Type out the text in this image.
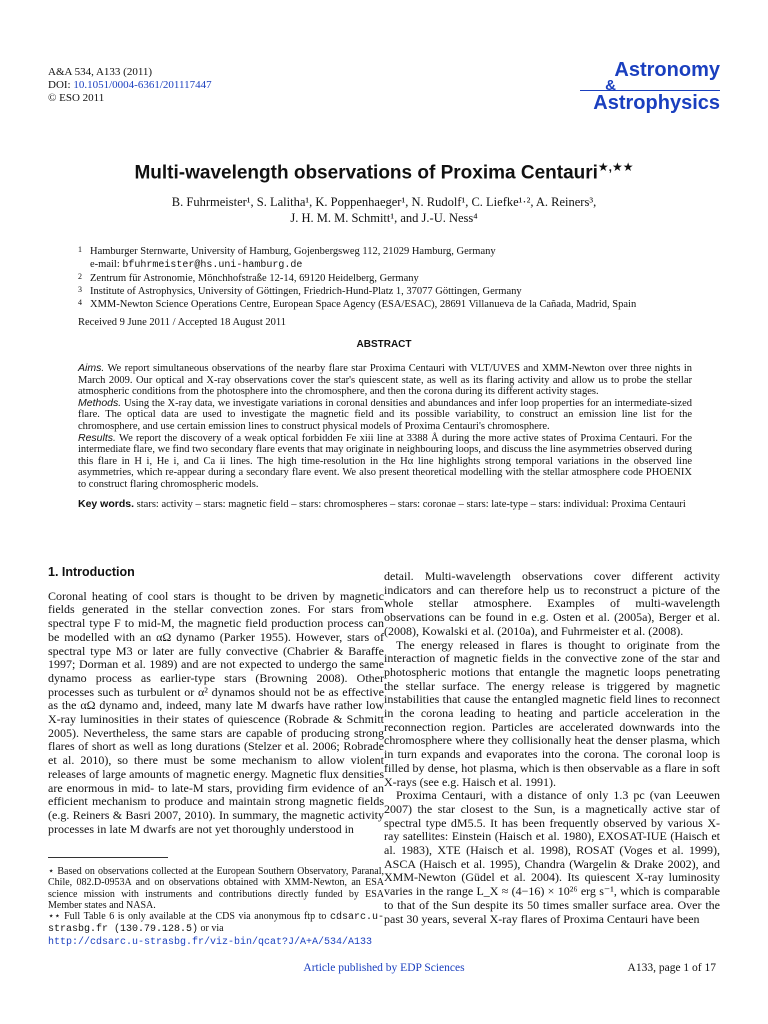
A&A 534, A133 (2011)
DOI: 10.1051/0004-6361/201117447
© ESO 2011
Astronomy
&
Astrophysics
Multi-wavelength observations of Proxima Centauri★,★★
B. Fuhrmeister¹, S. Lalitha¹, K. Poppenhaeger¹, N. Rudolf¹, C. Liefke¹·², A. Reiners³,
J. H. M. M. Schmitt¹, and J.-U. Ness⁴
1 Hamburger Sternwarte, University of Hamburg, Gojenbergsweg 112, 21029 Hamburg, Germany
e-mail: bfuhrmeister@hs.uni-hamburg.de
2 Zentrum für Astronomie, Mönchhofstraße 12-14, 69120 Heidelberg, Germany
3 Institute of Astrophysics, University of Göttingen, Friedrich-Hund-Platz 1, 37077 Göttingen, Germany
4 XMM-Newton Science Operations Centre, European Space Agency (ESA/ESAC), 28691 Villanueva de la Cañada, Madrid, Spain
Received 9 June 2011 / Accepted 18 August 2011
ABSTRACT

Aims. We report simultaneous observations of the nearby flare star Proxima Centauri with VLT/UVES and XMM-Newton over three nights in March 2009. Our optical and X-ray observations cover the star's quiescent state, as well as its flaring activity and allow us to probe the stellar atmospheric conditions from the photosphere into the chromosphere, and then the corona during its different activity stages.

Methods. Using the X-ray data, we investigate variations in coronal densities and abundances and infer loop properties for an intermediate-sized flare. The optical data are used to investigate the magnetic field and its possible variability, to construct an emission line list for the chromosphere, and use certain emission lines to construct physical models of Proxima Centauri's chromosphere.

Results. We report the discovery of a weak optical forbidden Fe xiii line at 3388 Å during the more active states of Proxima Centauri. For the intermediate flare, we find two secondary flare events that may originate in neighbouring loops, and discuss the line asymmetries observed during this flare in H i, He i, and Ca ii lines. The high time-resolution in the Hα line highlights strong temporal variations in the observed line asymmetries, which re-appear during a secondary flare event. We also present theoretical modelling with the stellar atmosphere code PHOENIX to construct flaring chromospheric models.

Key words. stars: activity – stars: magnetic field – stars: chromospheres – stars: coronae – stars: late-type – stars: individual: Proxima Centauri

1. Introduction

Coronal heating of cool stars is thought to be driven by magnetic fields generated in the stellar convection zones. For stars from spectral type F to mid-M, the magnetic field production process can be modelled with an αΩ dynamo (Parker 1955). However, stars of spectral type M3 or later are fully convective (Chabrier & Baraffe 1997; Dorman et al. 1989) and are not expected to undergo the same dynamo process as earlier-type stars (Browning 2008). Other processes such as turbulent or α² dynamos should not be as effective as the αΩ dynamo and, indeed, many late M dwarfs have rather low X-ray luminosities in their states of quiescence (Robrade & Schmitt 2005). Nevertheless, the same stars are capable of producing strong flares of short as well as long durations (Stelzer et al. 2006; Robrade et al. 2010), so there must be some mechanism to allow violent releases of large amounts of magnetic energy. Magnetic flux densities are enormous in mid- to late-M stars, providing firm evidence of an efficient mechanism to produce and maintain strong magnetic fields (e.g. Reiners & Basri 2007, 2010). In summary, the magnetic activity processes in late M dwarfs are not yet thoroughly understood in

⋆ Based on observations collected at the European Southern Observatory, Paranal, Chile, 082.D-0953A and on observations obtained with XMM-Newton, an ESA science mission with instruments and contributions directly funded by ESA Member states and NASA.

⋆⋆ Full Table 6 is only available at the CDS via anonymous ftp to cdsarc.u-strasbg.fr (130.79.128.5) or via
http://cdsarc.u-strasbg.fr/viz-bin/qcat?J/A+A/534/A133

detail. Multi-wavelength observations cover different activity indicators and can therefore help us to reconstruct a picture of the whole stellar atmosphere. Examples of multi-wavelength observations can be found in e.g. Osten et al. (2005a), Berger et al. (2008), Kowalski et al. (2010a), and Fuhrmeister et al. (2008).

The energy released in flares is thought to originate from the interaction of magnetic fields in the convective zone of the star and photospheric motions that entangle the magnetic loops penetrating the stellar surface. The energy release is triggered by magnetic instabilities that cause the entangled magnetic field lines to reconnect in the corona leading to heating and particle acceleration in the reconnection region. Particles are accelerated downwards into the chromosphere where they collisionally heat the denser plasma, which in turn expands and evaporates into the corona. The coronal loop is filled by dense, hot plasma, which is then observable as a flare in soft X-rays (see e.g. Haisch et al. 1991).

Proxima Centauri, with a distance of only 1.3 pc (van Leeuwen 2007) the star closest to the Sun, is a magnetically active star of spectral type dM5.5. It has been frequently observed by various X-ray satellites: Einstein (Haisch et al. 1980), EXOSAT-IUE (Haisch et al. 1983), XTE (Haisch et al. 1998), ROSAT (Voges et al. 1999), ASCA (Haisch et al. 1995), Chandra (Wargelin & Drake 2002), and XMM-Newton (Güdel et al. 2004). Its quiescent X-ray luminosity varies in the range L_X ≈ (4−16) × 10²⁶ erg s⁻¹, which is comparable to that of the Sun despite its 50 times smaller surface area. Over the past 30 years, several X-ray flares of Proxima Centauri have been

Article published by EDP Sciences	A133, page 1 of 17
